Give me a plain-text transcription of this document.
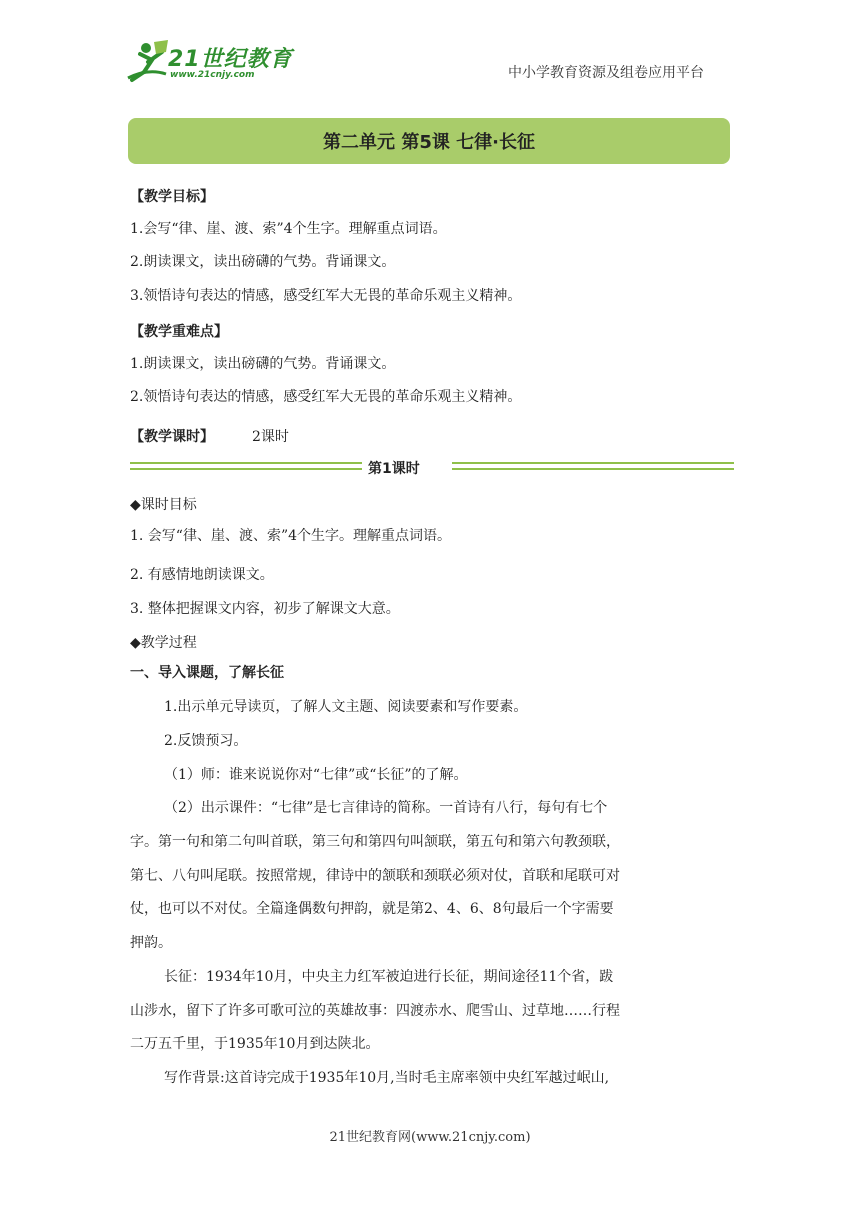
21世纪教育
www.21cnjy.com	中小学教育资源及组卷应用平台
第二单元 第5课 七律·长征
【教学目标】
1.会写“律、崖、渡、索”4个生字。理解重点词语。
2.朗读课文，读出磅礴的气势。背诵课文。
3.领悟诗句表达的情感，感受红军大无畏的革命乐观主义精神。
【教学重难点】
1.朗读课文，读出磅礴的气势。背诵课文。
2.领悟诗句表达的情感，感受红军大无畏的革命乐观主义精神。
【教学课时】	2课时
第1课时
◆课时目标
1. 会写“律、崖、渡、索”4个生字。理解重点词语。
2. 有感情地朗读课文。
3. 整体把握课文内容，初步了解课文大意。
◆教学过程
一、导入课题，了解长征
1.出示单元导读页，了解人文主题、阅读要素和写作要素。
2.反馈预习。
（1）师：谁来说说你对“七律”或“长征”的了解。
（2）出示课件：“七律”是七言律诗的简称。一首诗有八行，每句有七个
字。第一句和第二句叫首联，第三句和第四句叫颔联，第五句和第六句教颈联，
第七、八句叫尾联。按照常规，律诗中的颔联和颈联必须对仗，首联和尾联可对
仗，也可以不对仗。全篇逢偶数句押韵，就是第2、4、6、8句最后一个字需要
押韵。
长征：1934年10月，中央主力红军被迫进行长征，期间途径11个省，跋
山涉水，留下了许多可歌可泣的英雄故事：四渡赤水、爬雪山、过草地……行程
二万五千里，于1935年10月到达陕北。
写作背景:这首诗完成于1935年10月,当时毛主席率领中央红军越过岷山,
21世纪教育网(www.21cnjy.com)
